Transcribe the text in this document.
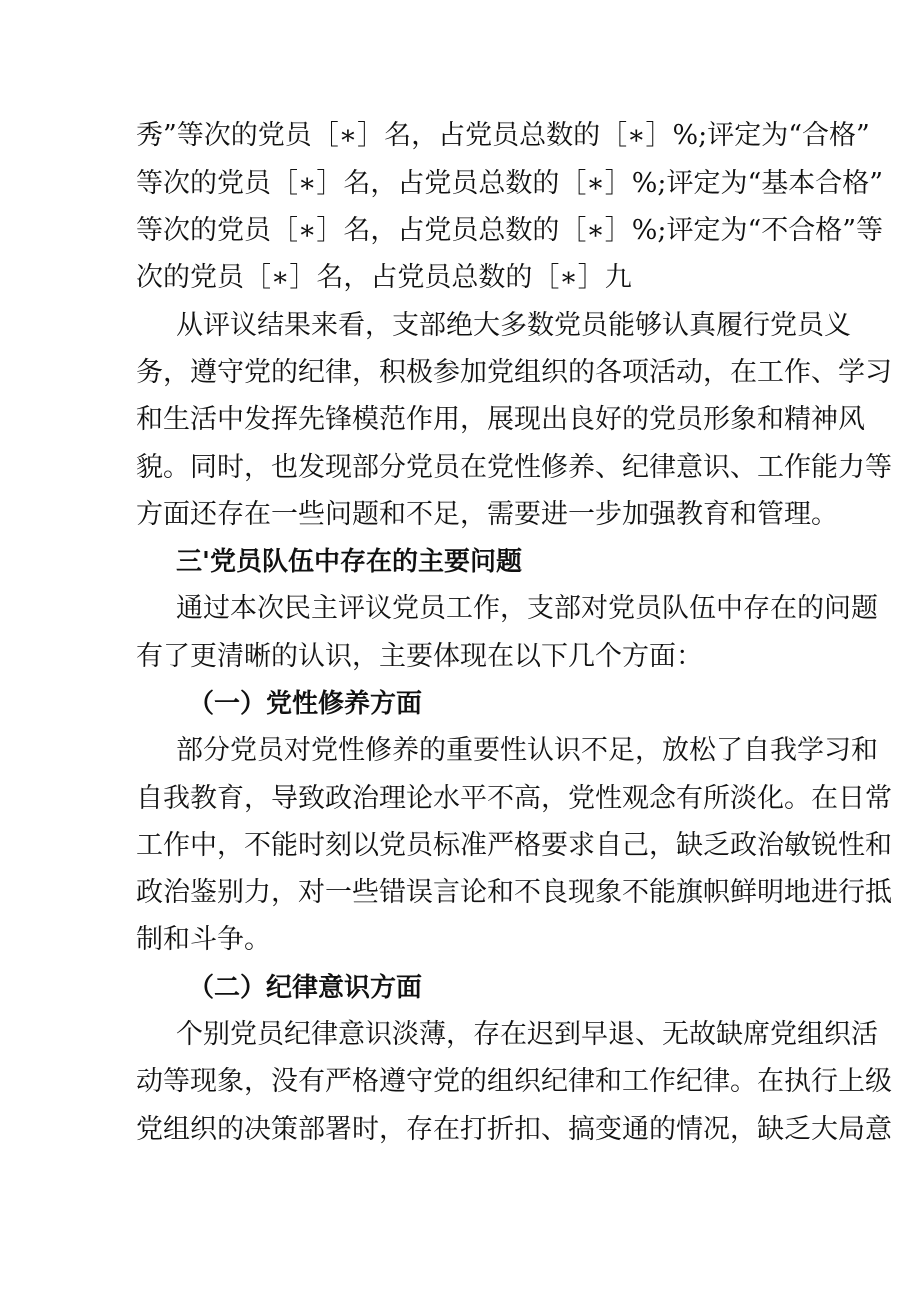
秀”等次的党员［∗］名，占党员总数的［∗］%;评定为“合格”
等次的党员［∗］名，占党员总数的［∗］%;评定为“基本合格”
等次的党员［∗］名，占党员总数的［∗］%;评定为“不合格”等
次的党员［∗］名，占党员总数的［∗］九
从评议结果来看，支部绝大多数党员能够认真履行党员义
务，遵守党的纪律，积极参加党组织的各项活动，在工作、学习
和生活中发挥先锋模范作用，展现出良好的党员形象和精神风
貌。同时，也发现部分党员在党性修养、纪律意识、工作能力等
方面还存在一些问题和不足，需要进一步加强教育和管理。
三'党员队伍中存在的主要问题
通过本次民主评议党员工作，支部对党员队伍中存在的问题
有了更清晰的认识，主要体现在以下几个方面：
（一）党性修养方面
部分党员对党性修养的重要性认识不足，放松了自我学习和
自我教育，导致政治理论水平不高，党性观念有所淡化。在日常
工作中，不能时刻以党员标准严格要求自己，缺乏政治敏锐性和
政治鉴别力，对一些错误言论和不良现象不能旗帜鲜明地进行抵
制和斗争。
（二）纪律意识方面
个别党员纪律意识淡薄，存在迟到早退、无故缺席党组织活
动等现象，没有严格遵守党的组织纪律和工作纪律。在执行上级
党组织的决策部署时，存在打折扣、搞变通的情况，缺乏大局意
